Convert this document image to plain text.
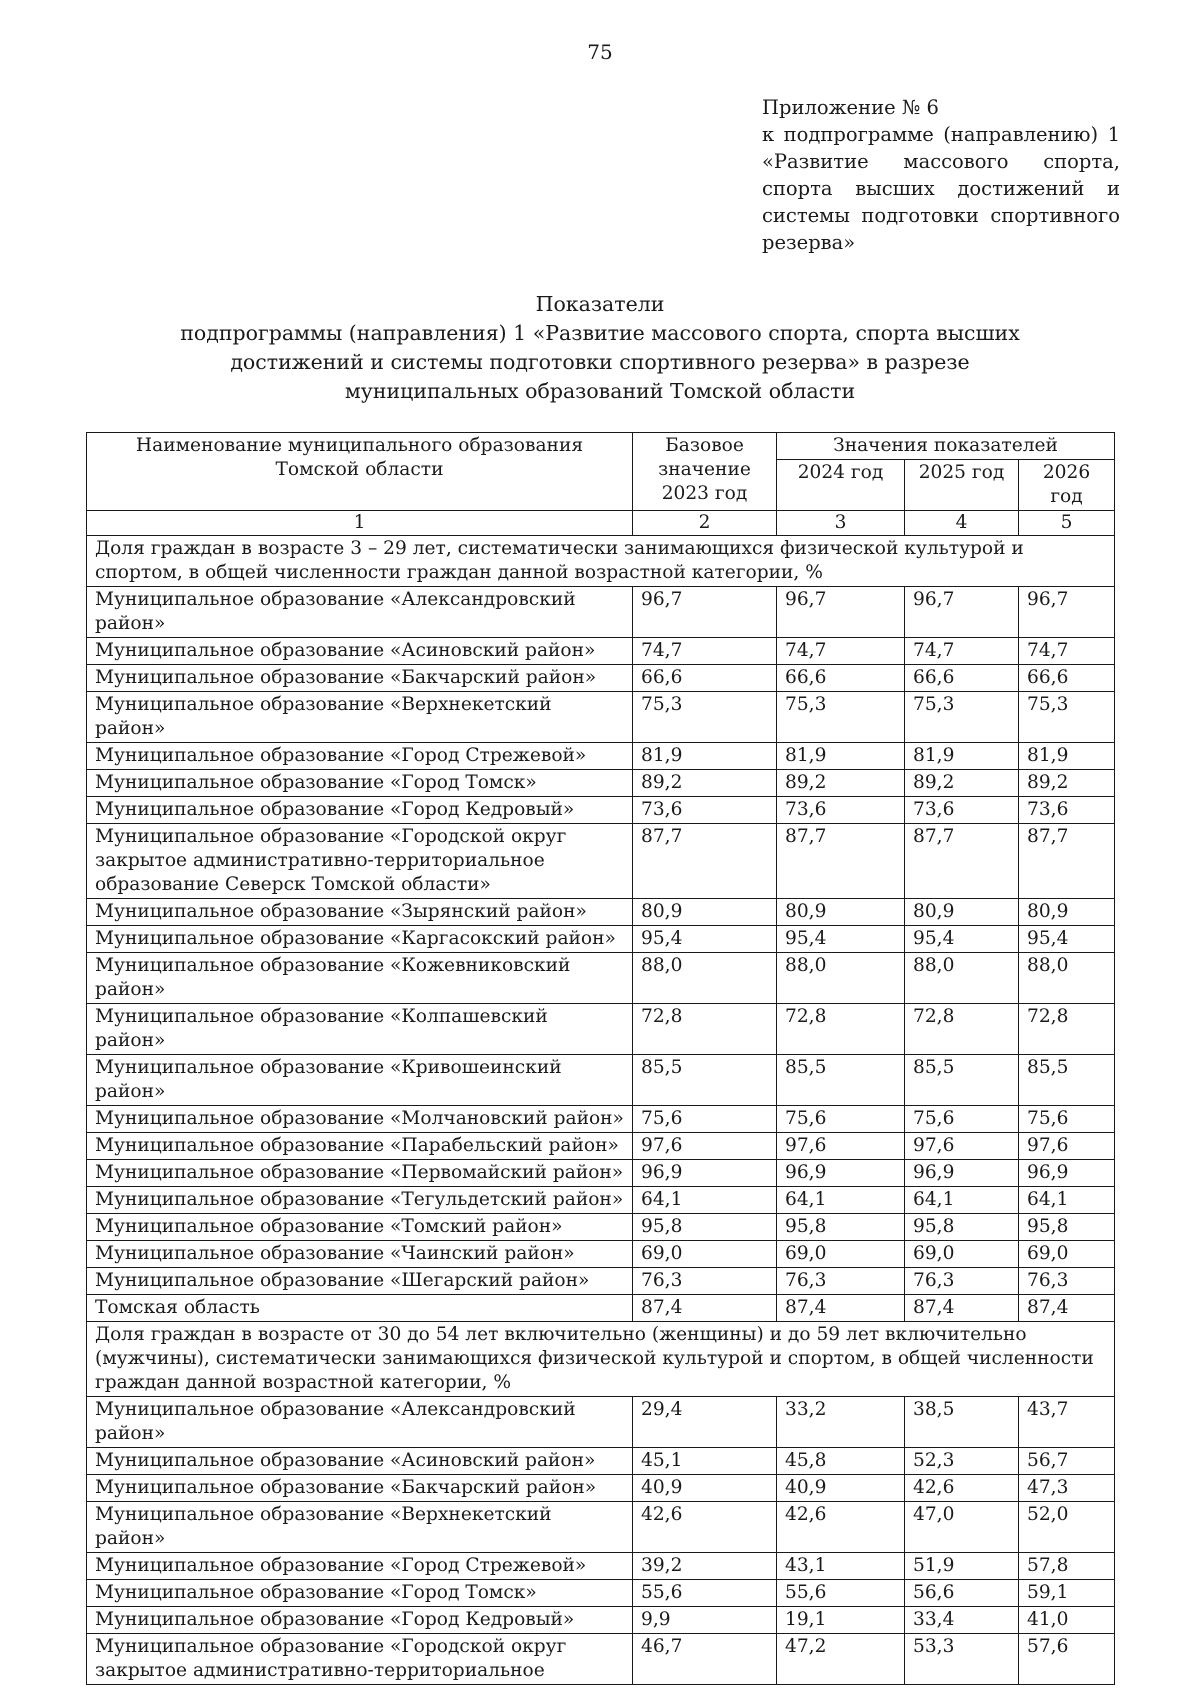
75
Приложение № 6
к подпрограмме (направлению) 1 «Развитие массового спорта, спорта высших достижений и системы подготовки спортивного резерва»
Показатели
подпрограммы (направления) 1 «Развитие массового спорта, спорта высших
достижений и системы подготовки спортивного резерва» в разрезе
муниципальных образований Томской области
Наименование муниципального образования Томской области	Базовое значение 2023 год	Значения показателей		
		2024 год	2025 год	2026 год
1	2	3	4	5
Доля граждан в возрасте 3 – 29 лет, систематически занимающихся физической культурой и спортом, в общей численности граждан данной возрастной категории, %				
Муниципальное образование «Александровский район»	96,7	96,7	96,7	96,7
Муниципальное образование «Асиновский район»	74,7	74,7	74,7	74,7
Муниципальное образование «Бакчарский район»	66,6	66,6	66,6	66,6
Муниципальное образование «Верхнекетский район»	75,3	75,3	75,3	75,3
Муниципальное образование «Город Стрежевой»	81,9	81,9	81,9	81,9
Муниципальное образование «Город Томск»	89,2	89,2	89,2	89,2
Муниципальное образование «Город Кедровый»	73,6	73,6	73,6	73,6
Муниципальное образование «Городской округ закрытое административно-территориальное образование Северск Томской области»	87,7	87,7	87,7	87,7
Муниципальное образование «Зырянский район»	80,9	80,9	80,9	80,9
Муниципальное образование «Каргасокский район»	95,4	95,4	95,4	95,4
Муниципальное образование «Кожевниковский район»	88,0	88,0	88,0	88,0
Муниципальное образование «Колпашевский район»	72,8	72,8	72,8	72,8
Муниципальное образование «Кривошеинский район»	85,5	85,5	85,5	85,5
Муниципальное образование «Молчановский район»	75,6	75,6	75,6	75,6
Муниципальное образование «Парабельский район»	97,6	97,6	97,6	97,6
Муниципальное образование «Первомайский район»	96,9	96,9	96,9	96,9
Муниципальное образование «Тегульдетский район»	64,1	64,1	64,1	64,1
Муниципальное образование «Томский район»	95,8	95,8	95,8	95,8
Муниципальное образование «Чаинский район»	69,0	69,0	69,0	69,0
Муниципальное образование «Шегарский район»	76,3	76,3	76,3	76,3
Томская область	87,4	87,4	87,4	87,4
Доля граждан в возрасте от 30 до 54 лет включительно (женщины) и до 59 лет включительно (мужчины), систематически занимающихся физической культурой и спортом, в общей численности граждан данной возрастной категории, %				
Муниципальное образование «Александровский район»	29,4	33,2	38,5	43,7
Муниципальное образование «Асиновский район»	45,1	45,8	52,3	56,7
Муниципальное образование «Бакчарский район»	40,9	40,9	42,6	47,3
Муниципальное образование «Верхнекетский район»	42,6	42,6	47,0	52,0
Муниципальное образование «Город Стрежевой»	39,2	43,1	51,9	57,8
Муниципальное образование «Город Томск»	55,6	55,6	56,6	59,1
Муниципальное образование «Город Кедровый»	9,9	19,1	33,4	41,0
Муниципальное образование «Городской округ закрытое административно-территориальное	46,7	47,2	53,3	57,6
